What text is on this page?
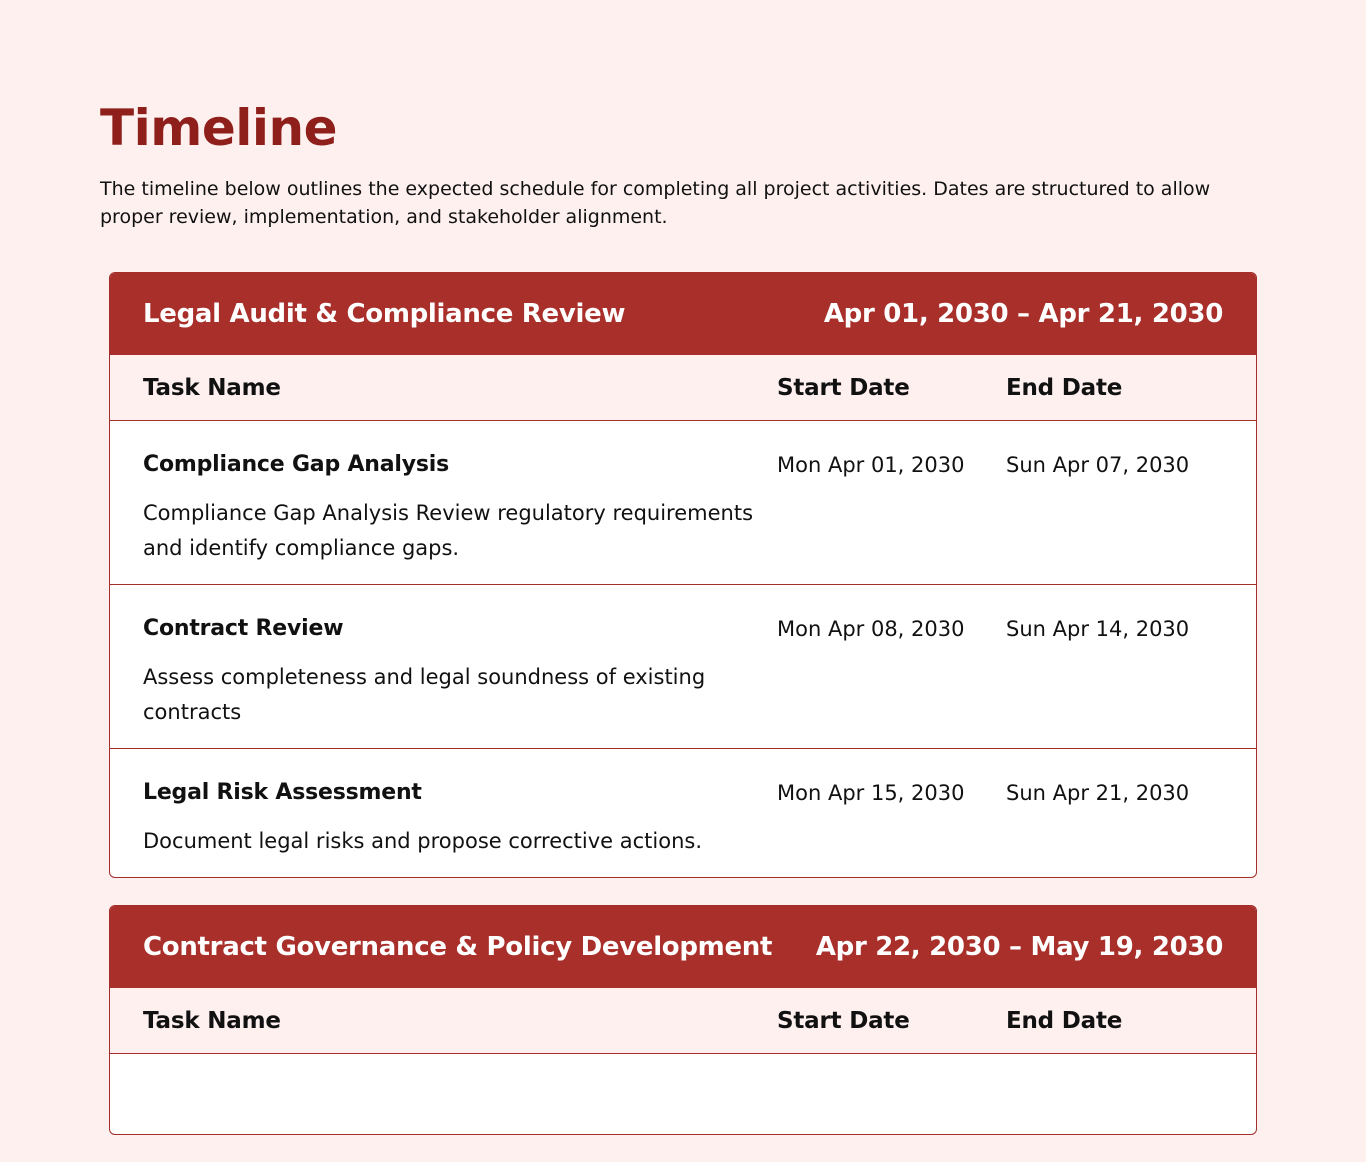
Timeline

The timeline below outlines the expected schedule for completing all project activities. Dates are structured to allow proper review, implementation, and stakeholder alignment.

Legal Audit & Compliance Review	Apr 01, 2030 – Apr 21, 2030
Task Name	Start Date	End Date
Compliance Gap Analysis
Compliance Gap Analysis Review regulatory requirements and identify compliance gaps.
Mon Apr 01, 2030	Sun Apr 07, 2030
Contract Review
Assess completeness and legal soundness of existing contracts
Mon Apr 08, 2030	Sun Apr 14, 2030
Legal Risk Assessment
Document legal risks and propose corrective actions.
Mon Apr 15, 2030	Sun Apr 21, 2030
Contract Governance & Policy Development Apr 22, 2030 – May 19, 2030
Task Name	Start Date	End Date
